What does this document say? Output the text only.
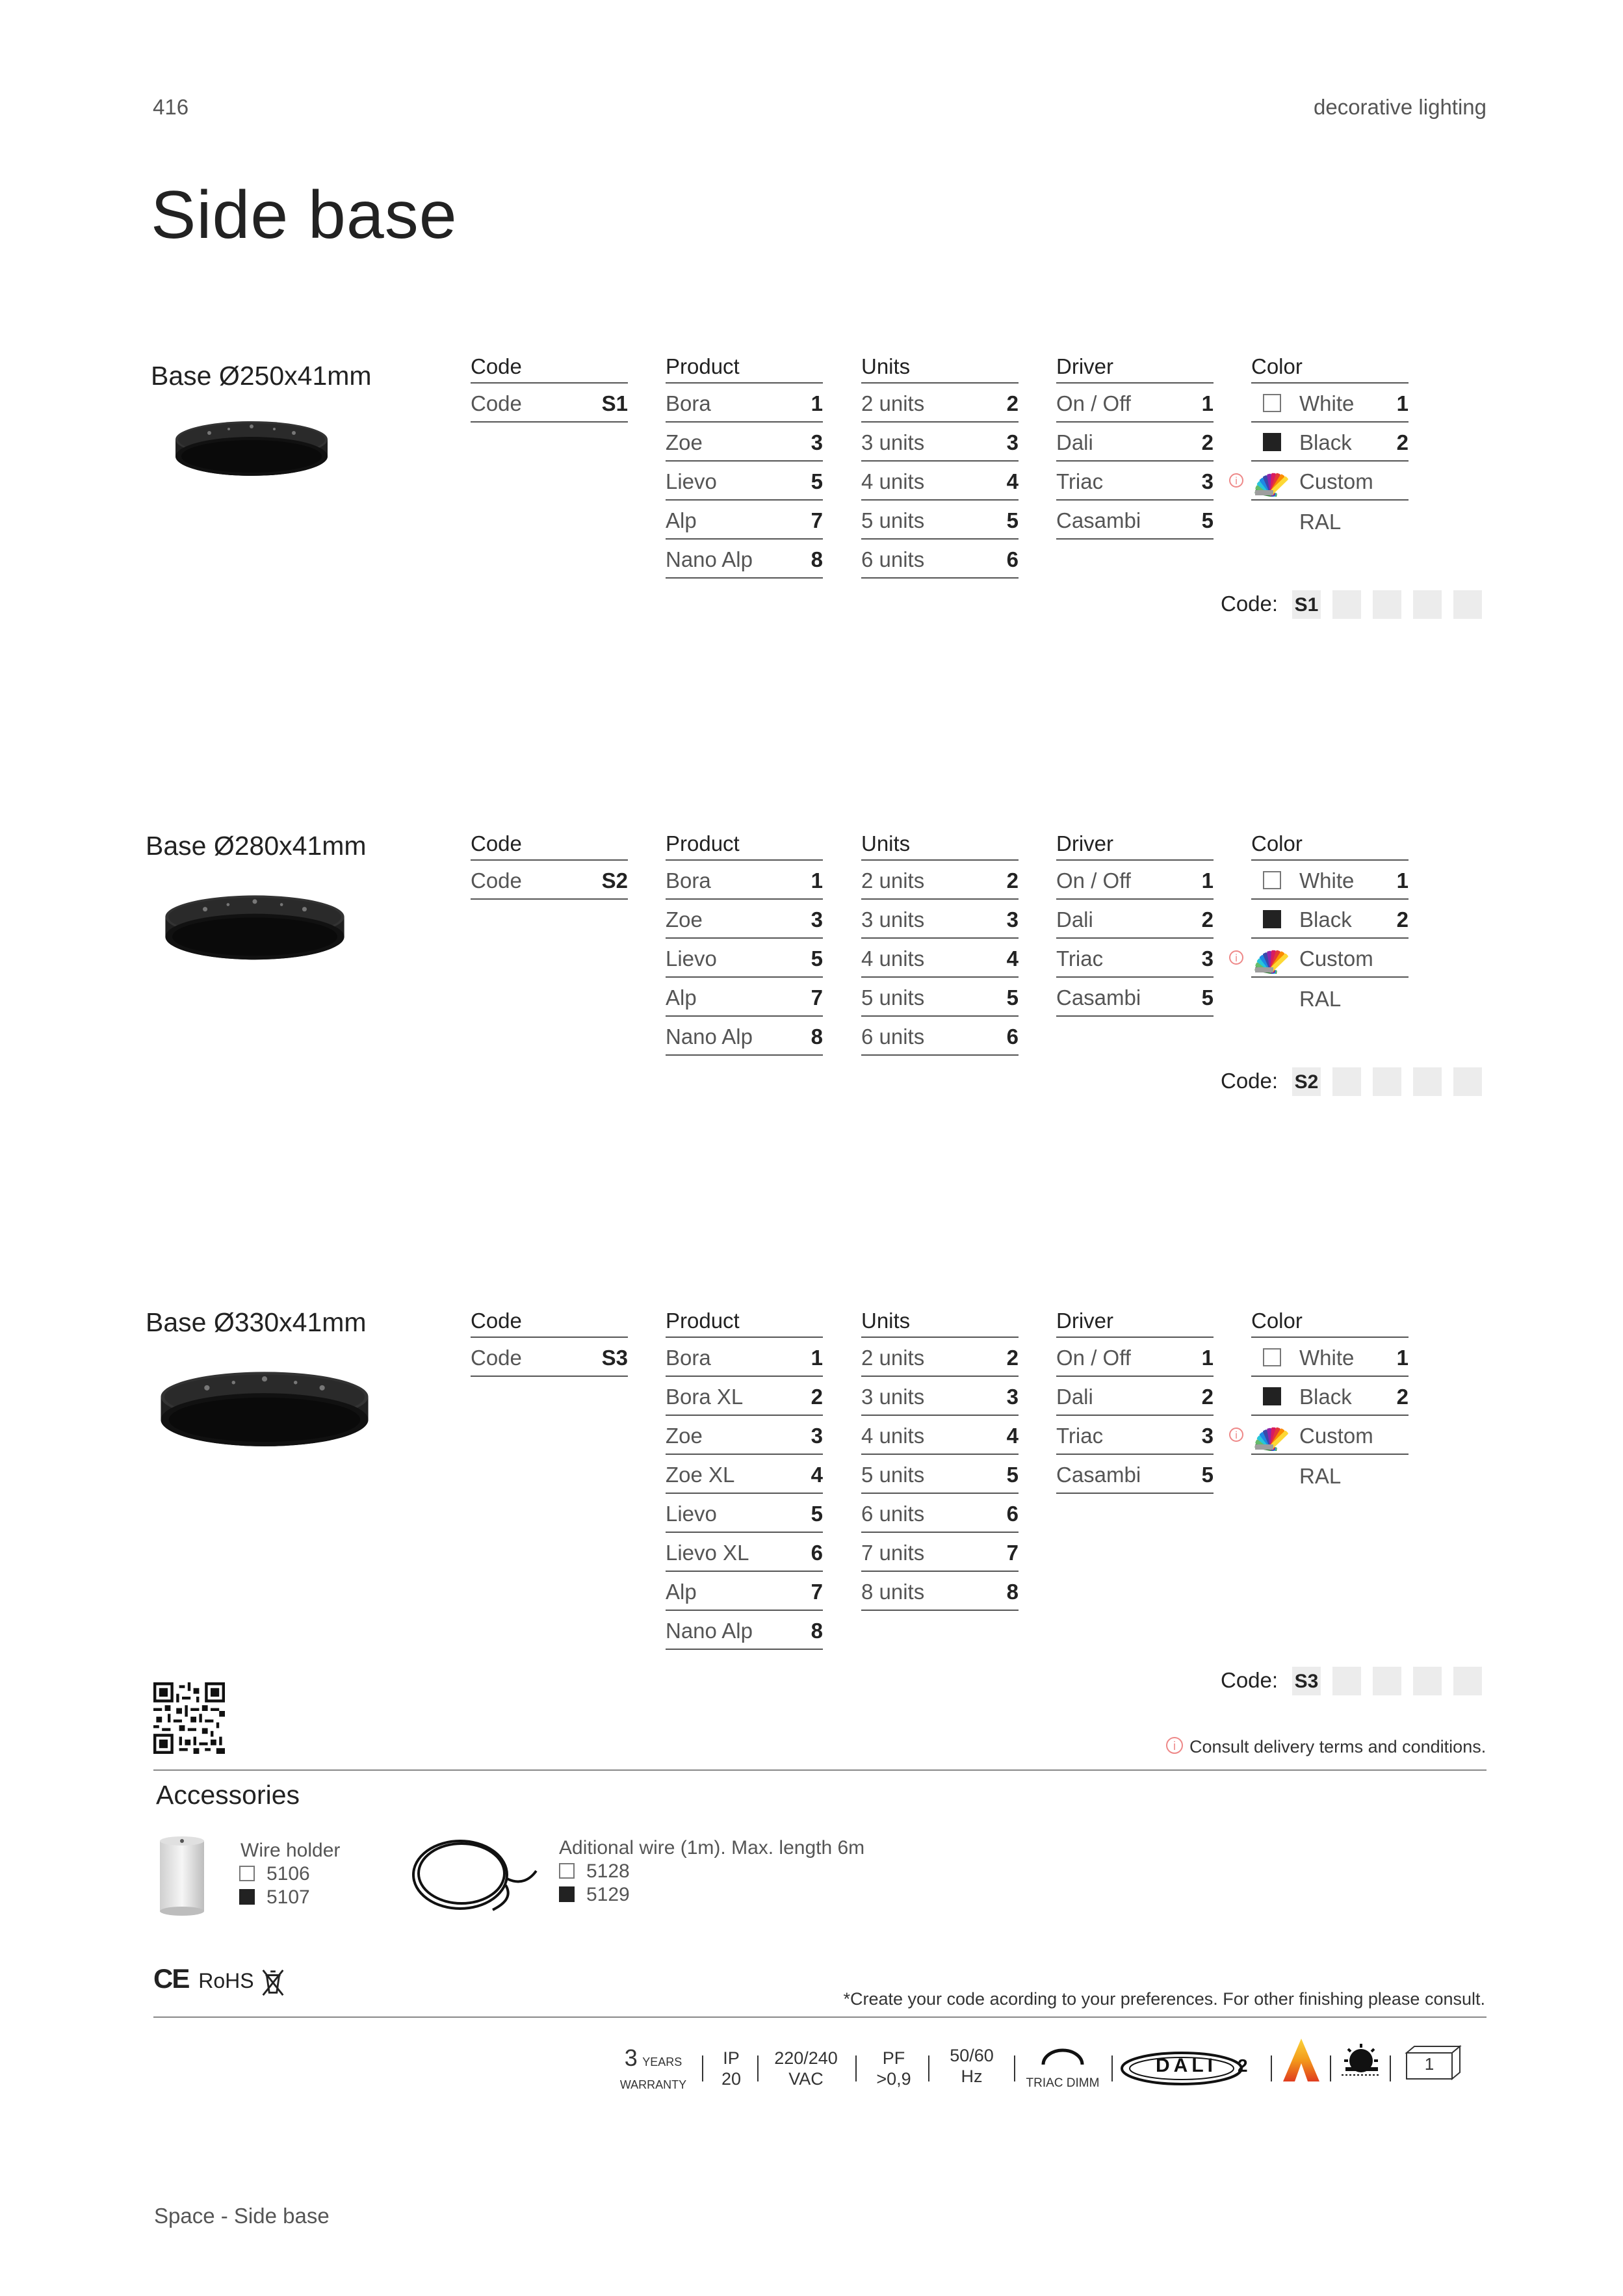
416	decorative lighting
Side base
Base Ø250x41mm	Code
Code	S1
Product
Bora	1
Zoe	3
Lievo	5
Alp	7
Nano Alp	8
Units
2 units	2
3 units	3
4 units	4
5 units	5
6 units	6
Driver
On / Off	1
Dali	2
Triac	3
Casambi	5
Color
White 1
Black 2
i	Custom RAL
Code: S1
Base Ø280x41mm	Code
Code	S2
Product
Bora	1
Zoe	3
Lievo	5
Alp	7
Nano Alp	8
Units
2 units	2
3 units	3
4 units	4
5 units	5
6 units	6
Driver
On / Off	1
Dali	2
Triac	3
Casambi	5
Color
White 1
Black 2
i	Custom RAL
Code: S2
Base Ø330x41mm	Code
Code	S3
Product
Bora	1
Bora XL	2
Zoe	3
Zoe XL	4
Lievo	5
Lievo XL	6
Alp	7
Nano Alp	8
Units
2 units	2
3 units	3
4 units	4
5 units	5
6 units	6
7 units	7
8 units	8
Driver
On / Off	1
Dali	2
Triac	3
Casambi	5
Color
White 1
Black 2
i	Custom RAL
Code: S3
i Consult delivery terms and conditions.
Accessories
Wire holder
5106
5107
Aditional wire (1m). Max. length 6m
5128
5129
CE RoHS
*Create your code acording to your preferences. For other finishing please consult.
3 YEARS
WARRANTY
IP
20
220/240
VAC
PF
>0,9
50/60
Hz	TRIAC DIMM
DALI 2	1
Space - Side base
